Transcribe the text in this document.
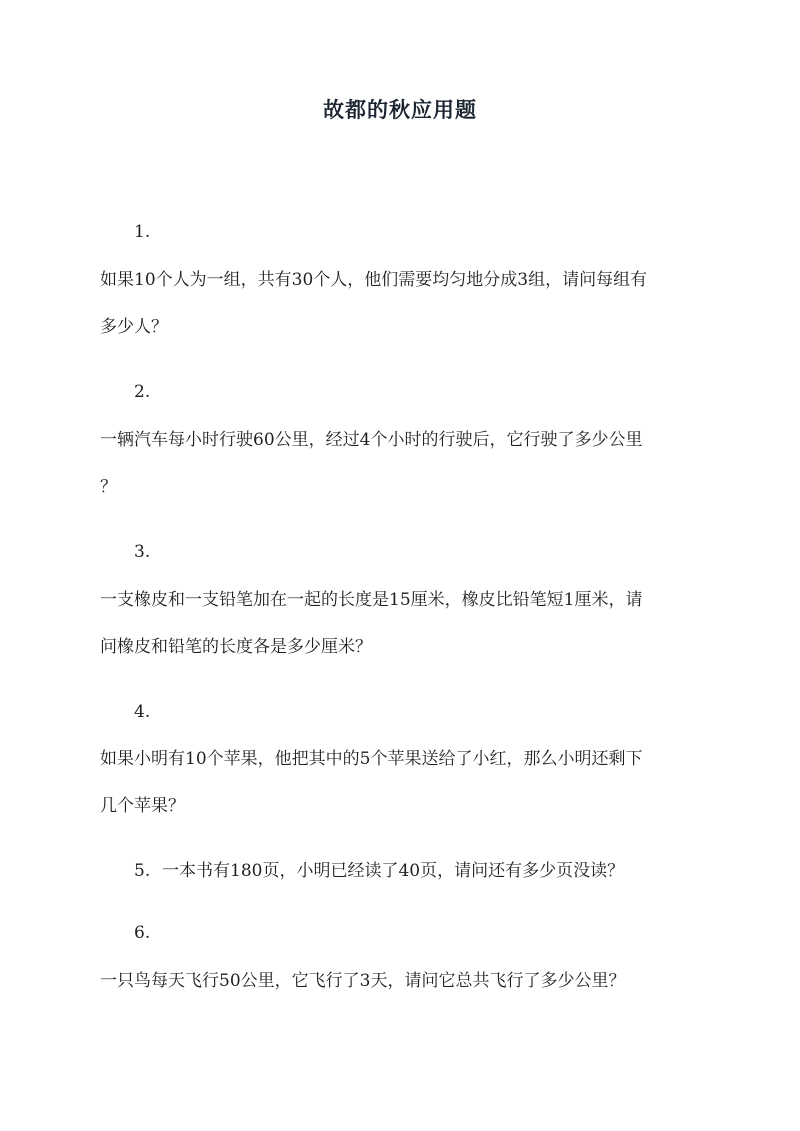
故都的秋应用题
1.
如果10个人为一组，共有30个人，他们需要均匀地分成3组，请问每组有
多少人？
2.
一辆汽车每小时行驶60公里，经过4个小时的行驶后，它行驶了多少公里
？
3.
一支橡皮和一支铅笔加在一起的长度是15厘米，橡皮比铅笔短1厘米，请
问橡皮和铅笔的长度各是多少厘米？
4.
如果小明有10个苹果，他把其中的5个苹果送给了小红，那么小明还剩下
几个苹果？
5. 一本书有180页，小明已经读了40页，请问还有多少页没读？
6.
一只鸟每天飞行50公里，它飞行了3天，请问它总共飞行了多少公里？
